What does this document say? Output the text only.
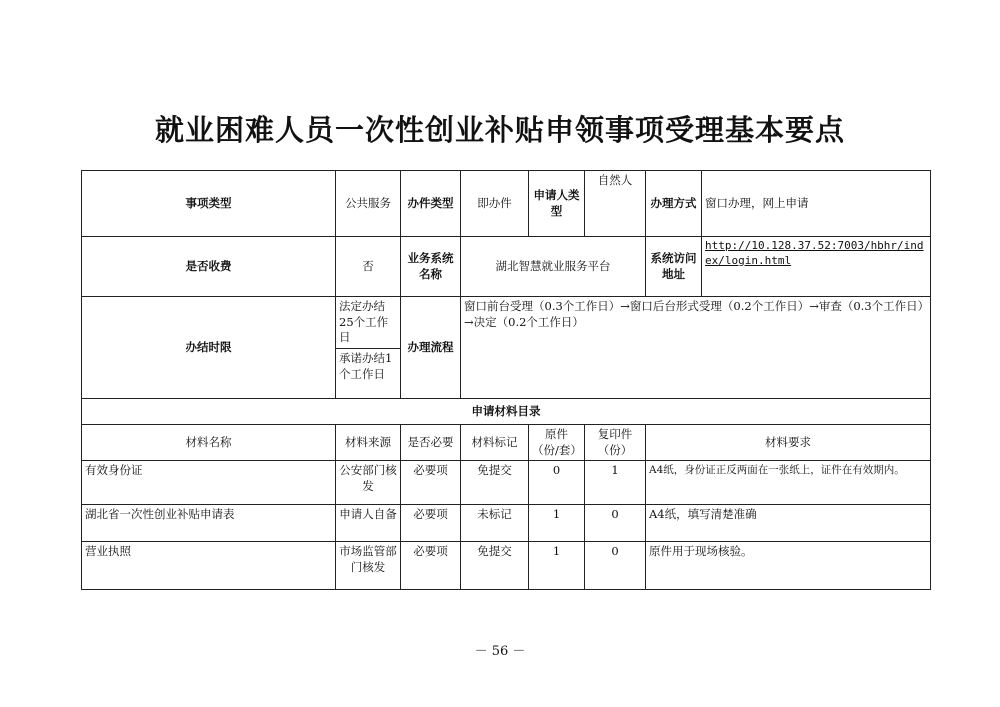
就业困难人员一次性创业补贴申领事项受理基本要点
事项类型	公共服务	办件类型	即办件	申请人类型	自然人	办理方式	窗口办理，网上申请
是否收费	否	业务系统名称	湖北智慧就业服务平台			系统访问地址	http://10.128.37.52:7003/hbhr/index/login.html
办结时限	法定办结25个工作日	办理流程	窗口前台受理（0.3个工作日）→窗口后台形式受理（0.2个工作日）→审查（0.3个工作日）→决定（0.2个工作日）				
	承诺办结1个工作日						
申请材料目录							
材料名称	材料来源	是否必要	材料标记	原件（份/套）	复印件（份）	材料要求	
有效身份证	公安部门核发	必要项	免提交	0	1	A4纸，身份证正反两面在一张纸上，证件在有效期内。	
湖北省一次性创业补贴申请表	申请人自备	必要项	未标记	1	0	A4纸，填写清楚准确	
营业执照	市场监管部门核发	必要项	免提交	1	0	原件用于现场核验。	
－ 56 －
